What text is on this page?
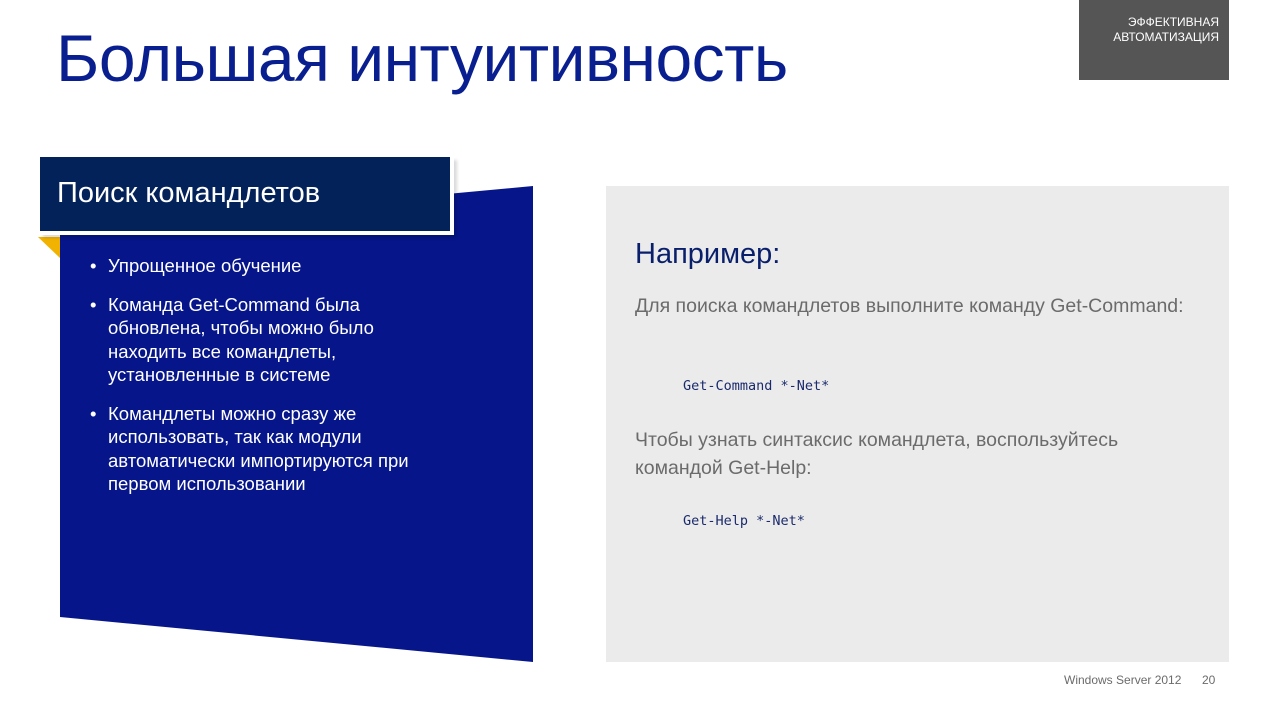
Большая интуитивность	ЭФФЕКТИВНАЯ
АВТОМАТИЗАЦИЯ
Поиск командлетов
• Упрощенное обучение
• Команда Get-Command была обновлена, чтобы можно было находить все командлеты, установленные в системе
• Командлеты можно сразу же использовать, так как модули автоматически импортируются при первом использовании
Например:
Для поиска командлетов выполните команду Get-Command:
Get-Command *-Net*
Чтобы узнать синтаксис командлета, воспользуйтесь командой Get-Help:
Get-Help *-Net*
Windows Server 2012 20
